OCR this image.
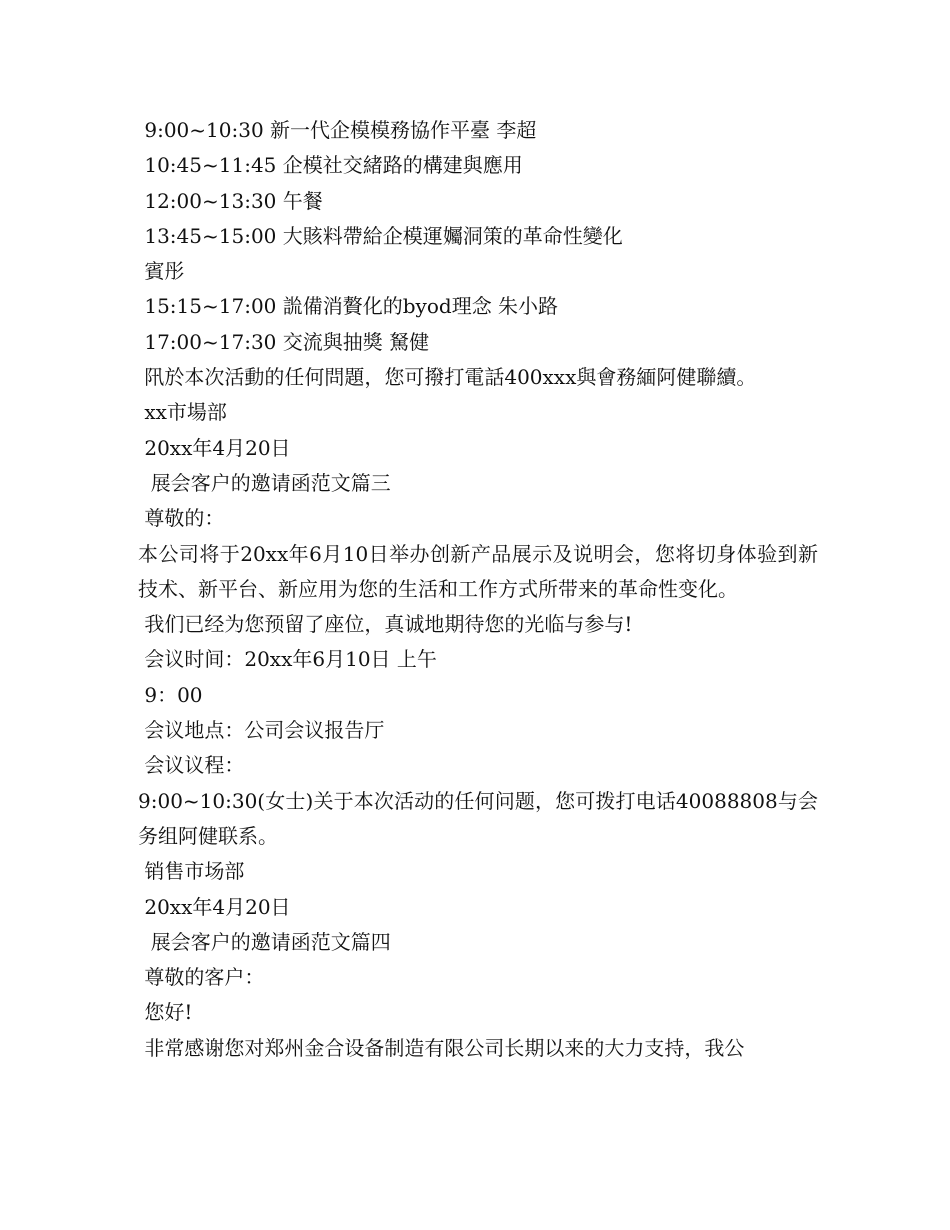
9:00~10:30 新一代企模模務協作平臺 李超
10:45~11:45 企模社交緒路的構建與應用
12:00~13:30 午餐
13:45~15:00 大賅料帶給企模運孎洞策的革命性變化
賓彤
15:15~17:00 詤備消贅化的byod理念 朱小路
17:00~17:30 交流與抽獎 駑健
阠於本次活動的任何問題，您可撥打電話400xxx與會務緬阿健聯續。
xx市場部
20xx年4月20日
展会客户的邀请函范文篇三
尊敬的：
本公司将于20xx年6月10日举办创新产品展示及说明会，您将切身体验到新技术、新平台、新应用为您的生活和工作方式所带来的革命性变化。
我们已经为您预留了座位，真诚地期待您的光临与参与!
会议时间：20xx年6月10日 上午
9：00
会议地点：公司会议报告厅
会议议程：
9:00~10:30(女士)关于本次活动的任何问题，您可拨打电话40088808与会务组阿健联系。
销售市场部
20xx年4月20日
展会客户的邀请函范文篇四
尊敬的客户：
您好!
非常感谢您对郑州金合设备制造有限公司长期以来的大力支持，我公
